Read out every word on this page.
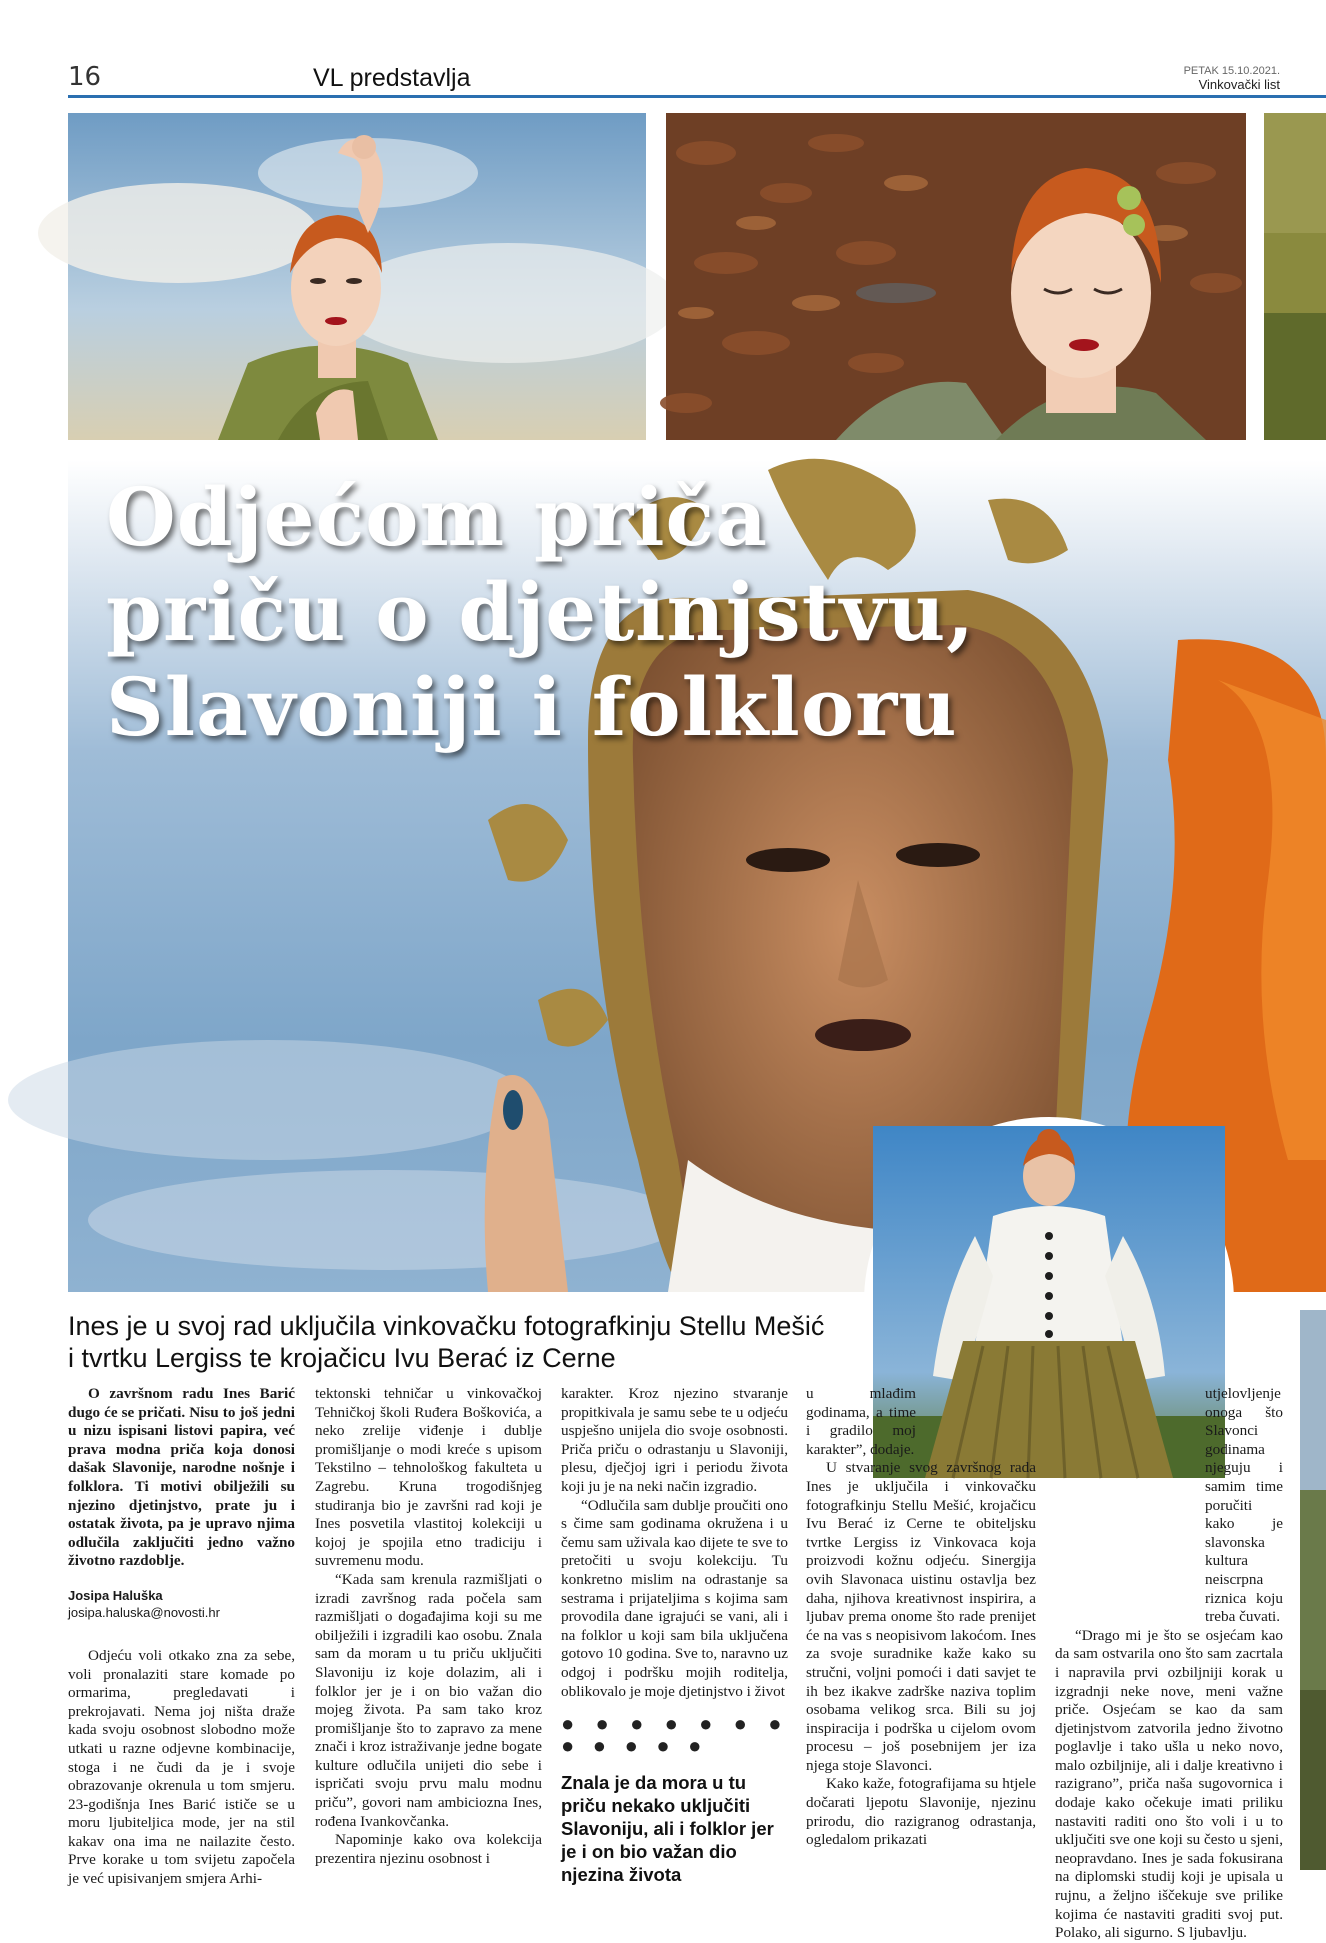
16	VL predstavlja	PETAK 15.10.2021.
Vinkovački list
Odjećom priča
priču o djetinjstvu,
Slavoniji i folkloru
Ines je u svoj rad uključila vinkovačku fotografkinju Stellu Mešić
i tvrtku Lergiss te krojačicu Ivu Berać iz Cerne

O završnom radu Ines Barić dugo će se pričati. Nisu to još jedni u nizu ispisani listovi papira, već prava modna priča koja donosi dašak Slavonije, narodne nošnje i folklora. Ti motivi obilježili su njezino djetinjstvo, prate ju i ostatak života, pa je upravo njima odlučila zaključiti jedno važno životno razdoblje.

Josipa Haluška

josipa.haluska@novosti.hr

Odjeću voli otkako zna za sebe, voli pronalaziti stare komade po ormarima, pregledavati i prekrojavati. Nema joj ništa draže kada svoju osobnost slobodno može utkati u razne odjevne kombinacije, stoga i ne čudi da je i svoje obrazovanje okrenula u tom smjeru. 23-godišnja Ines Barić ističe se u moru ljubiteljica mode, jer na stil kakav ona ima ne nailazite često. Prve korake u tom svijetu započela je već upisivanjem smjera Arhi-

tektonski tehničar u vinkovačkoj Tehničkoj školi Ruđera Boškovića, a nekо zrelije viđenje i dublje promišljanje o modi kreće s upisom Tekstilno – tehnološkog fakulteta u Zagrebu. Kruna trogodišnjeg studiranja bio je završni rad koji je Ines posvetila vlastitoj kolekciji u kojoj je spojila etno tradiciju i suvremenu modu.

“Kada sam krenula razmišljati o izradi završnog rada počela sam razmišljati o događajima koji su me obilježili i izgradili kao osobu. Znala sam da moram u tu priču uključiti Slavoniju iz koje dolazim, ali i folklor jer je i on bio važan dio mojeg života. Pa sam tako kroz promišljanje što to zapravo za mene znači i kroz istraživanje jedne bogate kulture odlučila unijeti dio sebe i ispričati svoju prvu malu modnu priču”, govori nam ambiciozna Ines, rođena Ivankovčanka.

Napominje kako ova kolekcija prezentira njezinu osobnost i

karakter. Kroz njezino stvaranje propitkivala je samu sebe te u odjeću uspješno unijela dio svoje osobnosti. Priča priču o odrastanju u Slavoniji, plesu, dječjoj igri i periodu života koji ju je na neki način izgradio.

“Odlučila sam dublje proučiti ono s čime sam godinama okružena i u čemu sam uživala kao dijete te sve to pretočiti u svoju kolekciju. Tu konkretno mislim na odrastanje sa sestrama i prijateljima s kojima sam provodila dane igrajući se vani, ali i na folklor u koji sam bila uključena gotovo 10 godina. Sve to, naravno uz odgoj i podršku mojih roditelja, oblikovalo je moje djetinjstvo i život

● ● ● ● ● ● ● ● ● ● ● ●

Znala je da mora u tu priču nekako uključiti Slavoniju, ali i folklor jer je i on bio važan dio njezina života

u mlađim godinama, a time i gradilo moj karakter”, dodaje.

U stvaranje svog završnog rada Ines je uključila i vinkovačku fotografkinju Stellu Mešić, krojačicu Ivu Berać iz Cerne te obiteljsku tvrtke Lergiss iz Vinkovaca koja proizvodi kožnu odjeću. Sinergija ovih Slavonaca uistinu ostavlja bez daha, njihova kreativnost inspirira, a ljubav prema onome što rade prenijet će na vas s neopisivom lakoćom. Ines za svoje suradnike kaže kako su stručni, voljni pomoći i dati savjet te ih bez ikakve zadrške naziva toplim osobama velikog srca. Bili su joj inspiracija i podrška u cijelom ovom procesu – još posebnijem jer iza njega stoje Slavonci.

Kako kaže, fotografijama su htjele dočarati ljepotu Slavonije, njezinu prirodu, dio razigranog odrastanja, ogledalom prikazati

utjelovljenje onoga što Slavonci godinama njeguju i samim time poručiti kako je slavonska kultura neiscrpna riznica koju treba čuvati.

“Drago mi je što se osjećam kao da sam ostvarila ono što sam zacrtala i napravila prvi ozbiljniji korak u izgradnji neke nove, meni važne priče. Osjećam se kao da sam djetinjstvom zatvorila jedno životno poglavlje i tako ušla u neko novo, malo ozbiljnije, ali i dalje kreativno i razigrano”, priča naša sugovornica i dodaje kako očekuje imati priliku nastaviti raditi ono što voli i u to uključiti sve one koji su često u sjeni, neopravdano. Ines je sada fokusirana na diplomski studij koji je upisala u rujnu, a željno iščekuje sve prilike kojima će nastaviti graditi svoj put. Polako, ali sigurno. S ljubavlju.
